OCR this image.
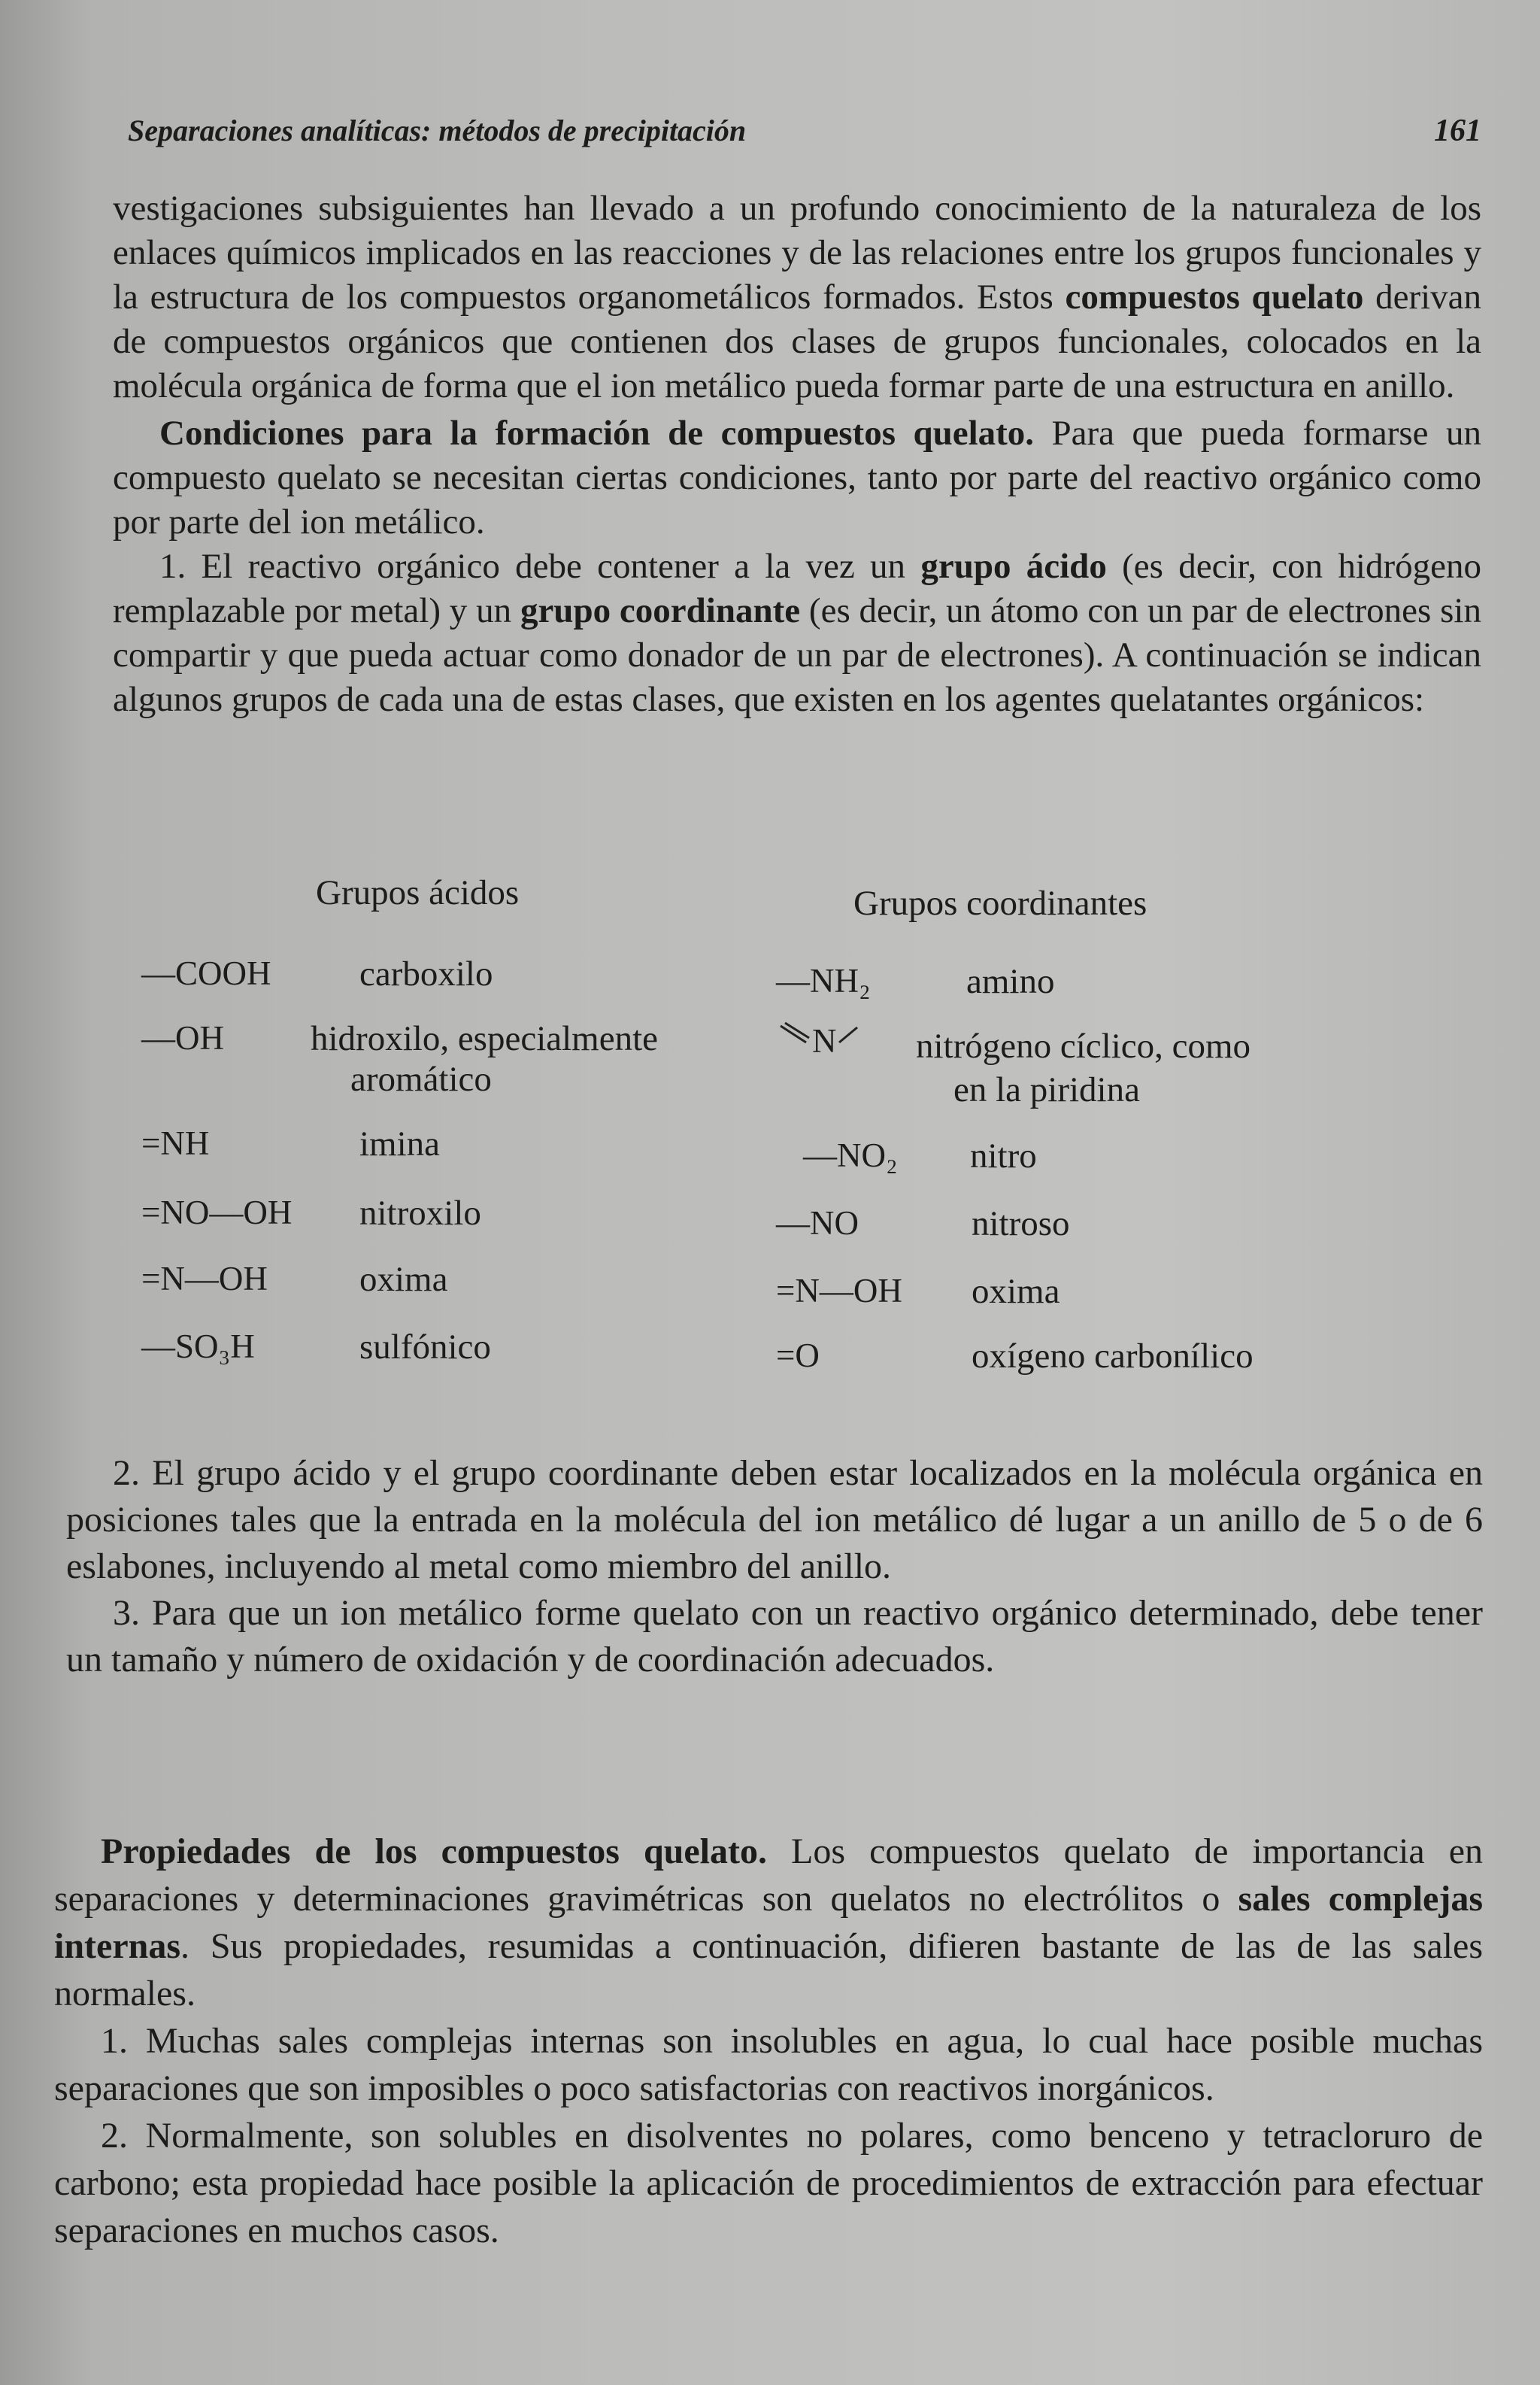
Separaciones analíticas: métodos de precipitación	161

vestigaciones subsiguientes han llevado a un profundo conocimiento de la naturaleza de los enlaces químicos implicados en las reacciones y de las relaciones entre los grupos funcionales y la estructura de los compuestos organometálicos formados. Estos compuestos quelato derivan de compuestos orgánicos que contienen dos clases de grupos funcionales, colocados en la molécula orgánica de forma que el ion metálico pueda formar parte de una estructura en anillo.

Condiciones para la formación de compuestos quelato. Para que pueda formarse un compuesto quelato se necesitan ciertas condiciones, tanto por parte del reactivo orgánico como por parte del ion metálico.

1. El reactivo orgánico debe contener a la vez un grupo ácido (es decir, con hidrógeno remplazable por metal) y un grupo coordinante (es decir, un átomo con un par de electrones sin compartir y que pueda actuar como donador de un par de electrones). A continuación se indican algunos grupos de cada una de estas clases, que existen en los agentes quelatantes orgánicos:

Grupos ácidos	Grupos coordinantes
—COOH carboxilo
—OH hidroxilo, especialmente
aromático
=NH	imina
=NO—OH nitroxilo
=N—OH	oxima
—SO₃H	sulfónico
—NH₂	amino
N nitrógeno cíclico, como
en la piridina
—NO₂ nitro
—NO	nitroso
=N—OH oxima
=O	oxígeno carbonílico

2. El grupo ácido y el grupo coordinante deben estar localizados en la molécula orgánica en posiciones tales que la entrada en la molécula del ion metálico dé lugar a un anillo de 5 o de 6 eslabones, incluyendo al metal como miembro del anillo.

3. Para que un ion metálico forme quelato con un reactivo orgánico determinado, debe tener un tamaño y número de oxidación y de coordinación adecuados.

Propiedades de los compuestos quelato. Los compuestos quelato de importancia en separaciones y determinaciones gravimétricas son quelatos no electrólitos o sales complejas internas. Sus propiedades, resumidas a continuación, difieren bastante de las de las sales normales.

1. Muchas sales complejas internas son insolubles en agua, lo cual hace posible muchas separaciones que son imposibles o poco satisfactorias con reactivos inorgánicos.

2. Normalmente, son solubles en disolventes no polares, como benceno y tetracloruro de carbono; esta propiedad hace posible la aplicación de procedimientos de extracción para efectuar separaciones en muchos casos.
